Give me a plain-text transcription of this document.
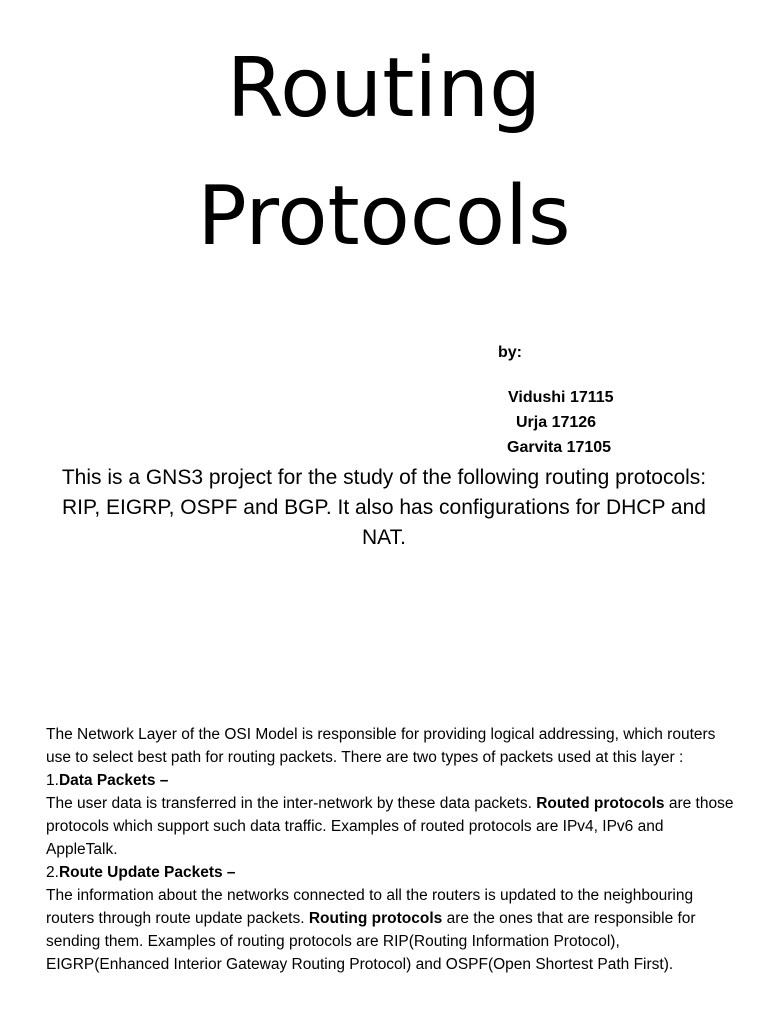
Routing
Protocols
by:
Vidushi 17115
Urja 17126
Garvita 17105
This is a GNS3 project for the study of the following routing protocols: RIP, EIGRP, OSPF and BGP. It also has configurations for DHCP and NAT.

The Network Layer of the OSI Model is responsible for providing logical addressing, which routers use to select best path for routing packets. There are two types of packets used at this layer :

1.Data Packets –

The user data is transferred in the inter-network by these data packets. Routed protocols are those protocols which support such data traffic. Examples of routed protocols are IPv4, IPv6 and AppleTalk.

2.Route Update Packets –

The information about the networks connected to all the routers is updated to the neighbouring routers through route update packets. Routing protocols are the ones that are responsible for sending them. Examples of routing protocols are RIP(Routing Information Protocol), EIGRP(Enhanced Interior Gateway Routing Protocol) and OSPF(Open Shortest Path First).
